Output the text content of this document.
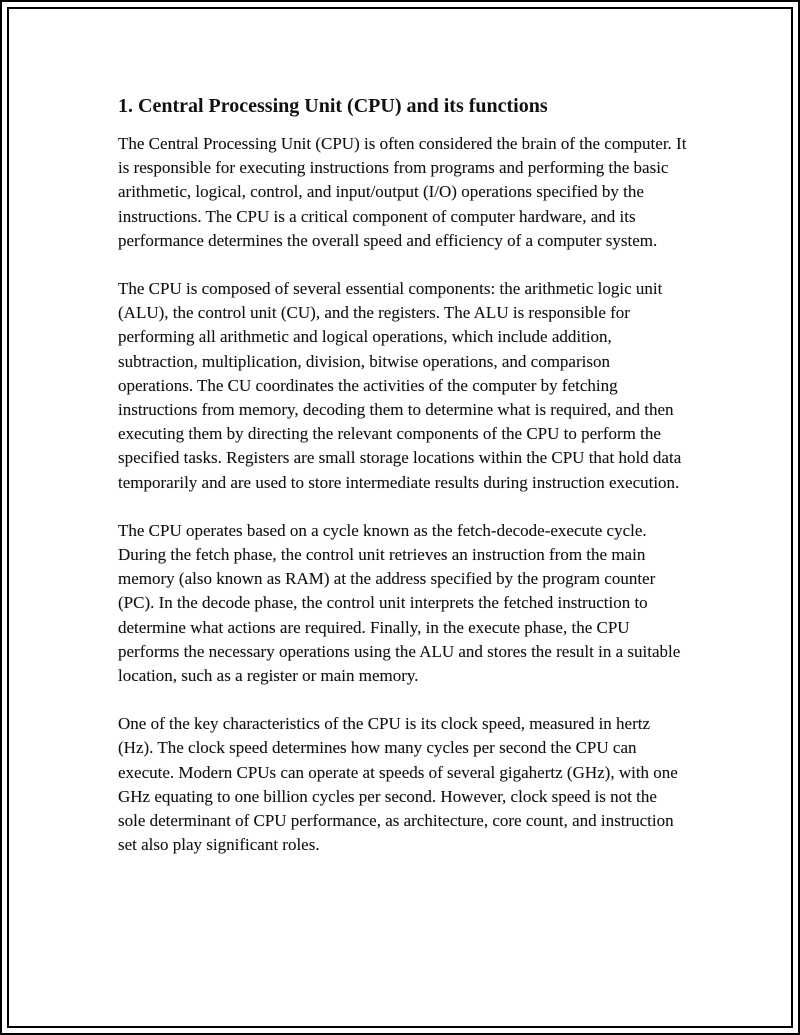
1. Central Processing Unit (CPU) and its functions

The Central Processing Unit (CPU) is often considered the brain of the computer. It is responsible for executing instructions from programs and performing the basic arithmetic, logical, control, and input/output (I/O) operations specified by the instructions. The CPU is a critical component of computer hardware, and its performance determines the overall speed and efficiency of a computer system.

The CPU is composed of several essential components: the arithmetic logic unit (ALU), the control unit (CU), and the registers. The ALU is responsible for performing all arithmetic and logical operations, which include addition, subtraction, multiplication, division, bitwise operations, and comparison operations. The CU coordinates the activities of the computer by fetching instructions from memory, decoding them to determine what is required, and then executing them by directing the relevant components of the CPU to perform the specified tasks. Registers are small storage locations within the CPU that hold data temporarily and are used to store intermediate results during instruction execution.

The CPU operates based on a cycle known as the fetch-decode-execute cycle. During the fetch phase, the control unit retrieves an instruction from the main memory (also known as RAM) at the address specified by the program counter (PC). In the decode phase, the control unit interprets the fetched instruction to determine what actions are required. Finally, in the execute phase, the CPU performs the necessary operations using the ALU and stores the result in a suitable location, such as a register or main memory.

One of the key characteristics of the CPU is its clock speed, measured in hertz (Hz). The clock speed determines how many cycles per second the CPU can execute. Modern CPUs can operate at speeds of several gigahertz (GHz), with one GHz equating to one billion cycles per second. However, clock speed is not the sole determinant of CPU performance, as architecture, core count, and instruction set also play significant roles.
